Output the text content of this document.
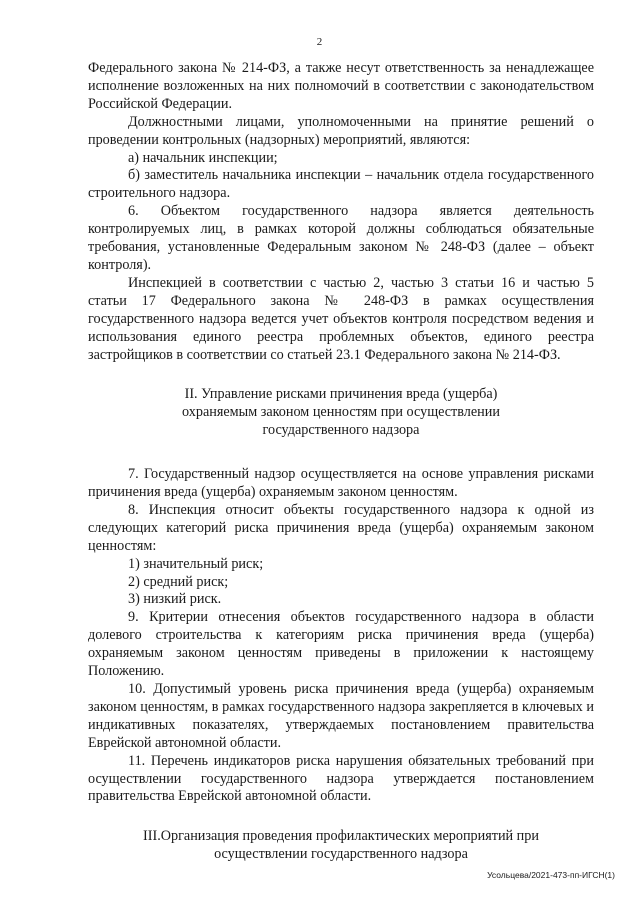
2

Федерального закона № 214-ФЗ, а также несут ответственность за ненадлежащее исполнение возложенных на них полномочий в соответствии с законодательством Российской Федерации.

Должностными лицами, уполномоченными на принятие решений о проведении контрольных (надзорных) мероприятий, являются:

а) начальник инспекции;

б) заместитель начальника инспекции – начальник отдела государственного строительного надзора.

6. Объектом государственного надзора является деятельность контролируемых лиц, в рамках которой должны соблюдаться обязательные требования, установленные Федеральным законом № 248-ФЗ (далее – объект контроля).

Инспекцией в соответствии с частью 2, частью 3 статьи 16 и частью 5 статьи 17 Федерального закона № 248-ФЗ в рамках осуществления государственного надзора ведется учет объектов контроля посредством ведения и использования единого реестра проблемных объектов, единого реестра застройщиков в соответствии со статьей 23.1 Федерального закона № 214-ФЗ.

II. Управление рисками причинения вреда (ущерба)
охраняемым законом ценностям при осуществлении
государственного надзора

7. Государственный надзор осуществляется на основе управления рисками причинения вреда (ущерба) охраняемым законом ценностям.

8. Инспекция относит объекты государственного надзора к одной из следующих категорий риска причинения вреда (ущерба) охраняемым законом ценностям:

1) значительный риск;

2) средний риск;

3) низкий риск.

9. Критерии отнесения объектов государственного надзора в области долевого строительства к категориям риска причинения вреда (ущерба) охраняемым законом ценностям приведены в приложении к настоящему Положению.

10. Допустимый уровень риска причинения вреда (ущерба) охраняемым законом ценностям, в рамках государственного надзора закрепляется в ключевых и индикативных показателях, утверждаемых постановлением правительства Еврейской автономной области.

11. Перечень индикаторов риска нарушения обязательных требований при осуществлении государственного надзора утверждается постановлением правительства Еврейской автономной области.

III.Организация проведения профилактических мероприятий при
осуществлении государственного надзора

Усольцева/2021-473-пп-ИГСН(1)
